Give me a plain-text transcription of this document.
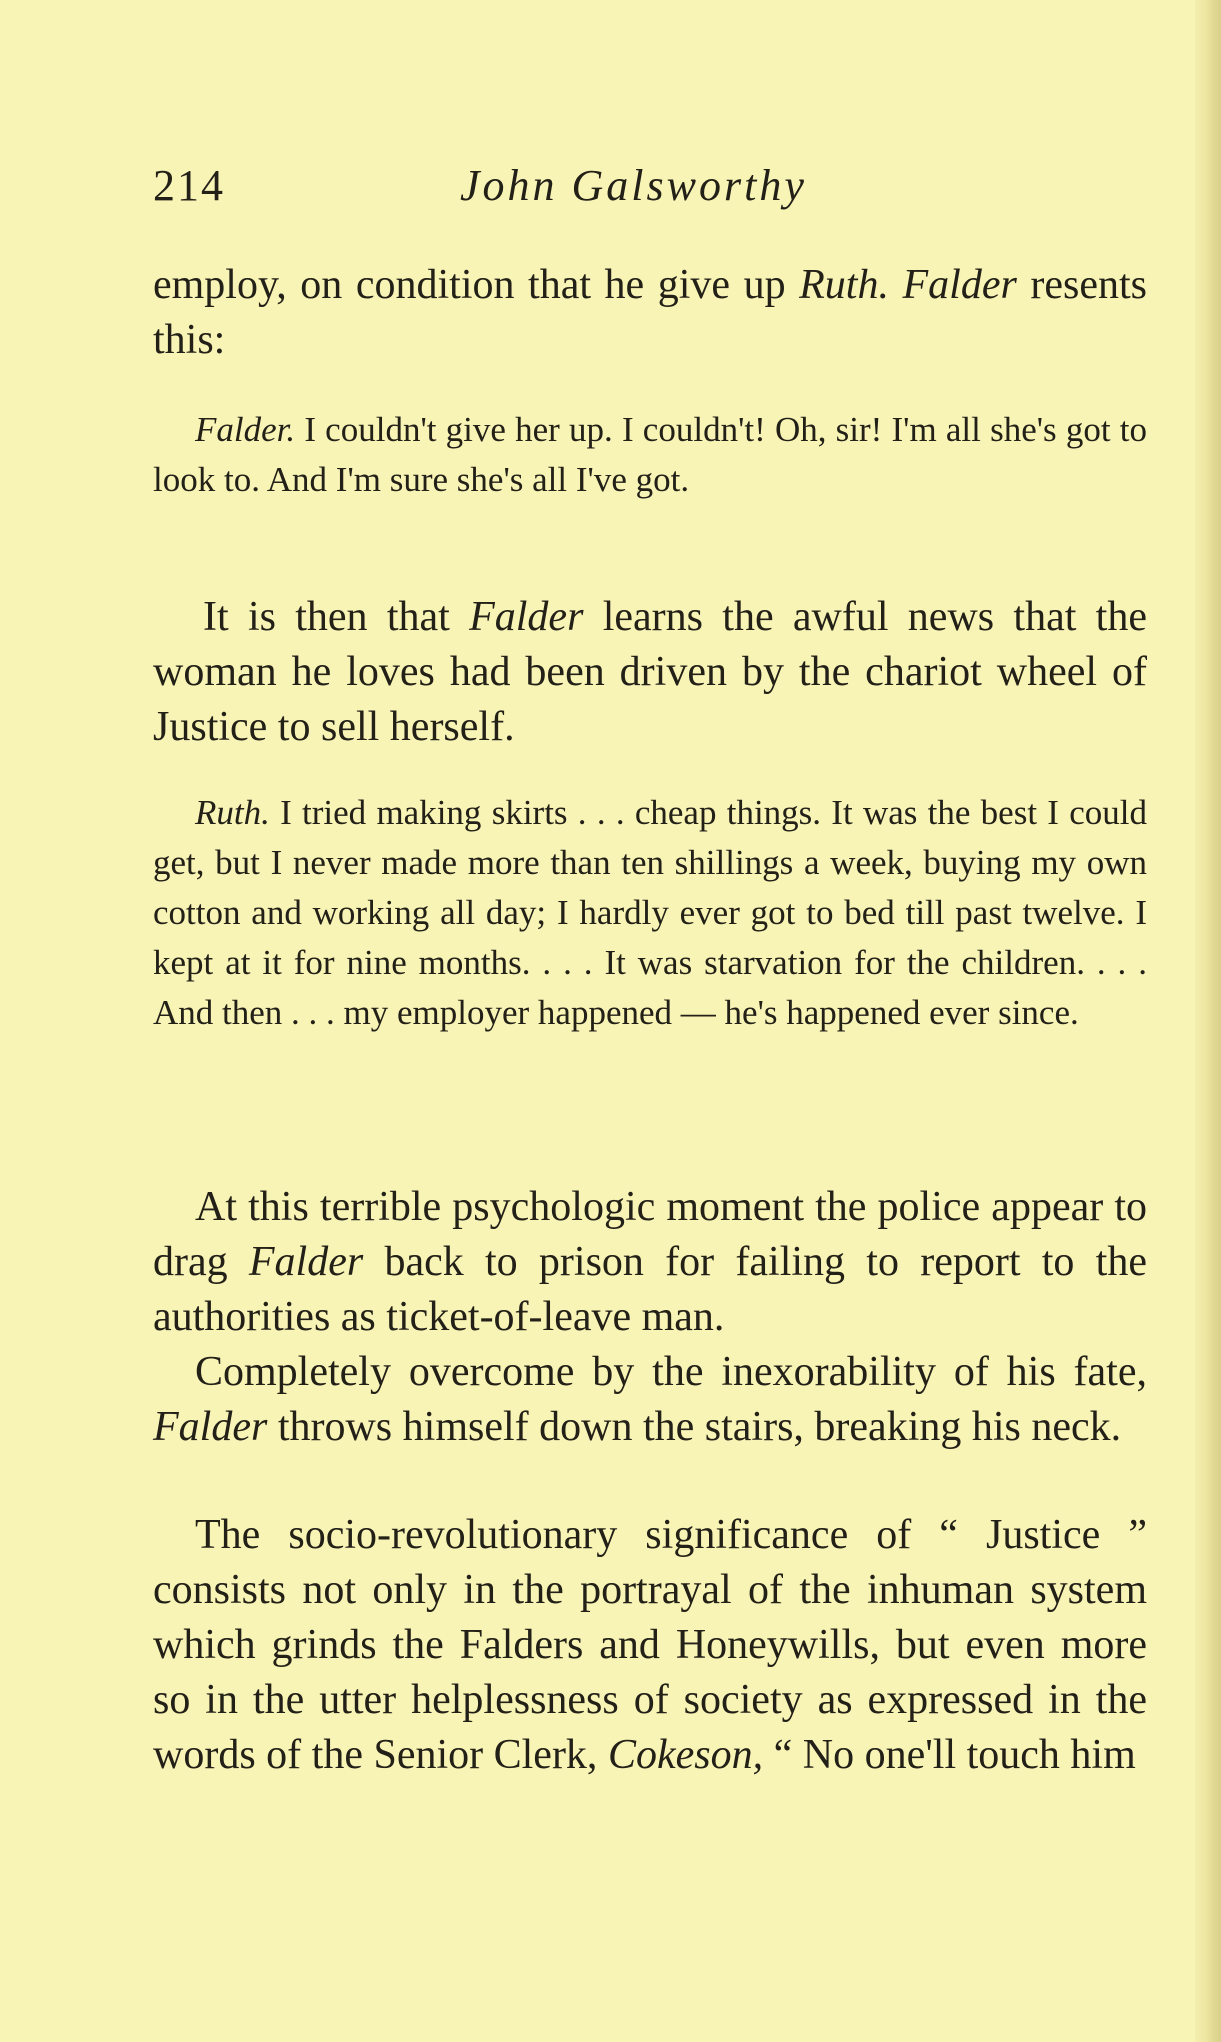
214	John Galsworthy

employ, on condition that he give up Ruth. Falder resents this:

Falder. I couldn't give her up. I couldn't! Oh, sir! I'm all she's got to look to. And I'm sure she's all I've got.

It is then that Falder learns the awful news that the woman he loves had been driven by the chariot wheel of Justice to sell herself.

Ruth. I tried making skirts . . . cheap things. It was the best I could get, but I never made more than ten shillings a week, buying my own cotton and working all day; I hardly ever got to bed till past twelve. I kept at it for nine months. . . . It was starvation for the children. . . . And then . . . my employer happened — he's happened ever since.

At this terrible psychologic moment the police appear to drag Falder back to prison for failing to report to the authorities as ticket-of-leave man.

Completely overcome by the inexorability of his fate, Falder throws himself down the stairs, breaking his neck.

The socio-revolutionary significance of “ Justice ” consists not only in the portrayal of the inhuman system which grinds the Falders and Honeywills, but even more so in the utter helplessness of society as expressed in the words of the Senior Clerk, Cokeson, “ No one'll touch him
